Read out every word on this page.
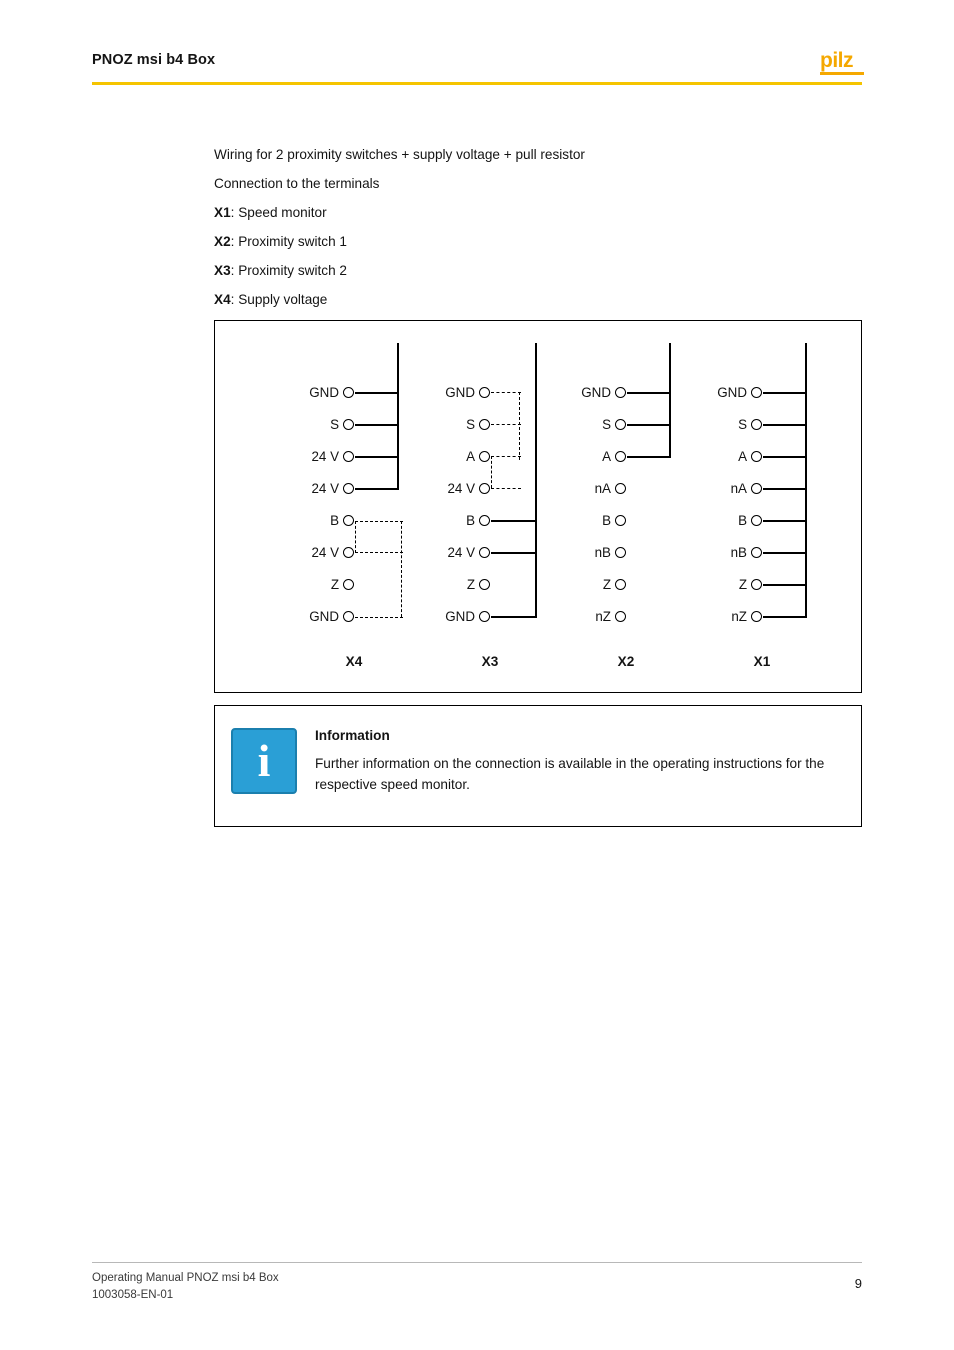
PNOZ msi b4 Box	pilz

Wiring for 2 proximity switches + supply voltage + pull resistor

Connection to the terminals

X1: Speed monitor

X2: Proximity switch 1

X3: Proximity switch 2

X4: Supply voltage

GND
S
24 V
24 V
B
24 V
Z
GND
X4
GND
S
A
24 V
B
24 V
Z
GND
X3
GND
S
A
nA
B
nB
Z
nZ
X2
GND
S
A
nA
B
nB
Z
nZ
X1
i	Information
Further information on the connection is available in the operating instructions for the respective speed monitor.
Operating Manual PNOZ msi b4 Box
1003058-EN-01
9
